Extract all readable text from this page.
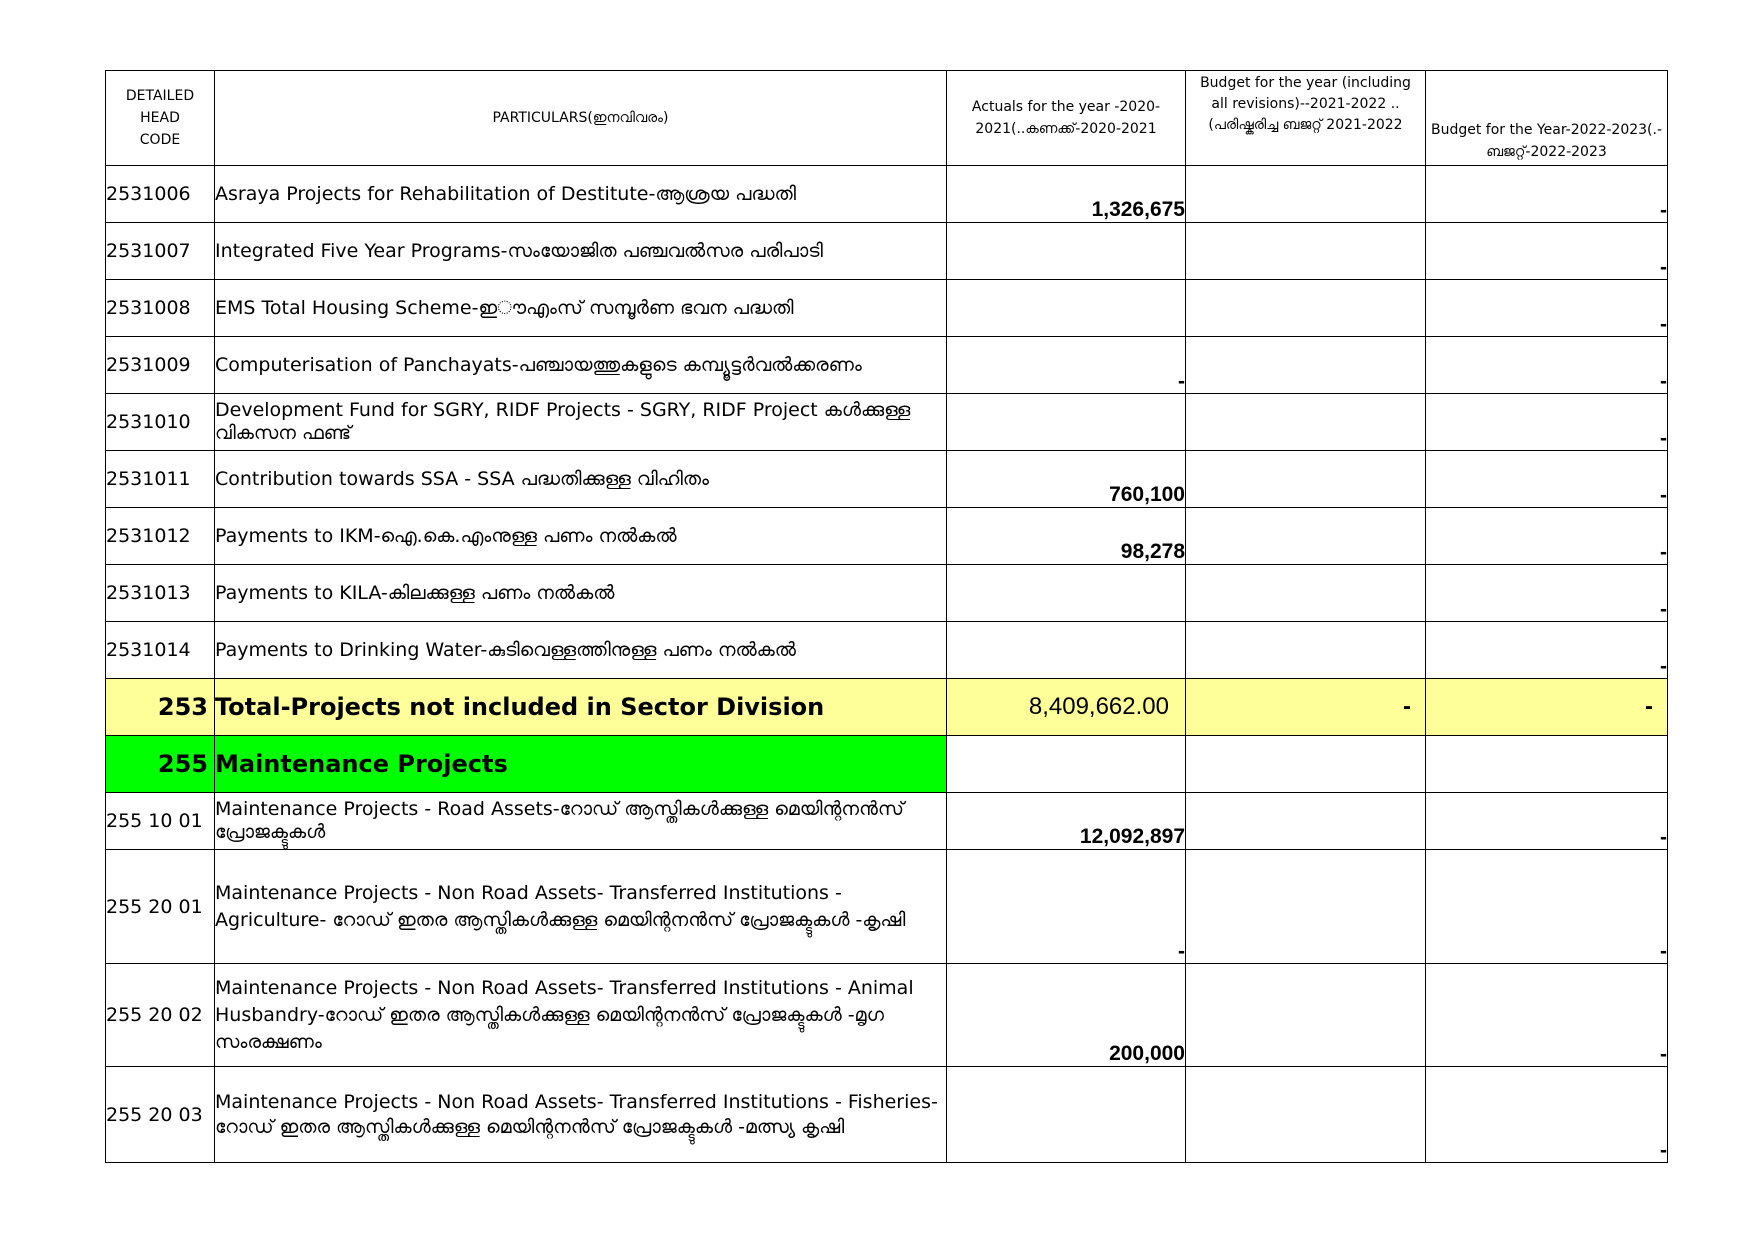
DETAILED HEAD CODE	PARTICULARS(ഇനവിവരം)	Actuals for the year -2020-2021(..കണക്ക്-2020-2021	Budget for the year (including all revisions)--2021-2022 ..(പരിഷ്കരിച്ച ബജറ്റ് 2021-2022	Budget for the Year-2022-2023(.-ബജറ്റ്-2022-2023

2531006	Asraya Projects for Rehabilitation of Destitute-ആശ്രയ പദ്ധതി	1,326,675		-
2531007	Integrated Five Year Programs-സംയോജിത പഞ്ചവൽസര പരിപാടി			-
2531008	EMS Total Housing Scheme-ഇൗഎംസ് സമ്പൂർണ ഭവന പദ്ധതി			-
2531009	Computerisation of Panchayats-പഞ്ചായത്തുകളുടെ കമ്പ്യൂട്ടർവൽക്കരണം	-		-
2531010	Development Fund for SGRY, RIDF Projects - SGRY, RIDF Project കൾക്കുള്ള വികസന ഫണ്ട്			-
2531011	Contribution towards SSA - SSA പദ്ധതിക്കുള്ള വിഹിതം	760,100		-
2531012	Payments to IKM-ഐ.കെ.എംനുള്ള പണം നൽകൽ	98,278		-
2531013	Payments to KILA-കിലക്കുള്ള പണം നൽകൽ			-
2531014	Payments to Drinking Water-കുടിവെള്ളത്തിനുള്ള പണം നൽകൽ			-
253	Total-Projects not included in Sector Division	8,409,662.00	-	-
255	Maintenance Projects			
255 10 01	Maintenance Projects - Road Assets-റോഡ് ആസ്തികൾക്കുള്ള മെയിന്റനൻസ് പ്രോജക്ടുകൾ	12,092,897		-
255 20 01	Maintenance Projects - Non Road Assets- Transferred Institutions - Agriculture- റോഡ് ഇതര ആസ്തികൾക്കുള്ള മെയിന്റനൻസ് പ്രോജക്ടുകൾ -കൃഷി	-		-
255 20 02	Maintenance Projects - Non Road Assets- Transferred Institutions - Animal Husbandry-റോഡ് ഇതര ആസ്തികൾക്കുള്ള മെയിന്റനൻസ് പ്രോജക്ടുകൾ -മൃഗ സംരക്ഷണം	200,000		-
255 20 03	Maintenance Projects - Non Road Assets- Transferred Institutions - Fisheries-റോഡ് ഇതര ആസ്തികൾക്കുള്ള മെയിന്റനൻസ് പ്രോജക്ടുകൾ -മത്സ്യ കൃഷി			-
